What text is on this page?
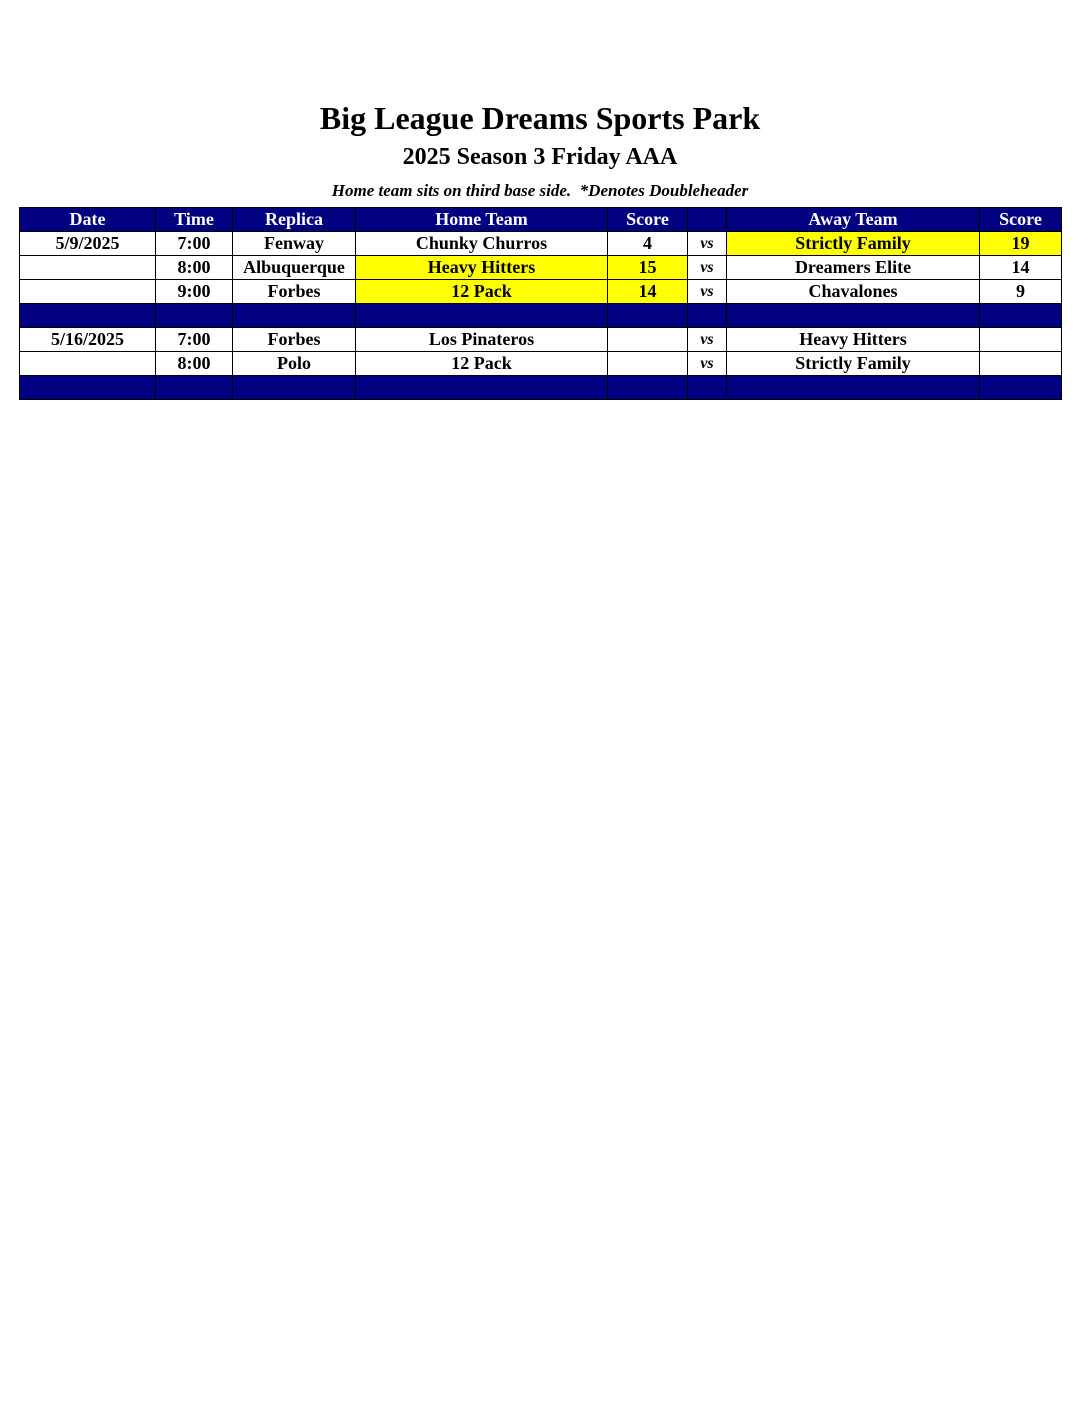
Big League Dreams Sports Park
2025 Season 3 Friday AAA
Home team sits on third base side.  *Denotes Doubleheader
Date	Time	Replica	Home Team	Score		Away Team	Score
5/9/2025	7:00	Fenway	Chunky Churros	4	vs	Strictly Family	19
	8:00	Albuquerque	Heavy Hitters	15	vs	Dreamers Elite	14
	9:00	Forbes	12 Pack	14	vs	Chavalones	9

5/16/2025	7:00	Forbes	Los Pinateros		vs	Heavy Hitters	
	8:00	Polo	12 Pack		vs	Strictly Family	
